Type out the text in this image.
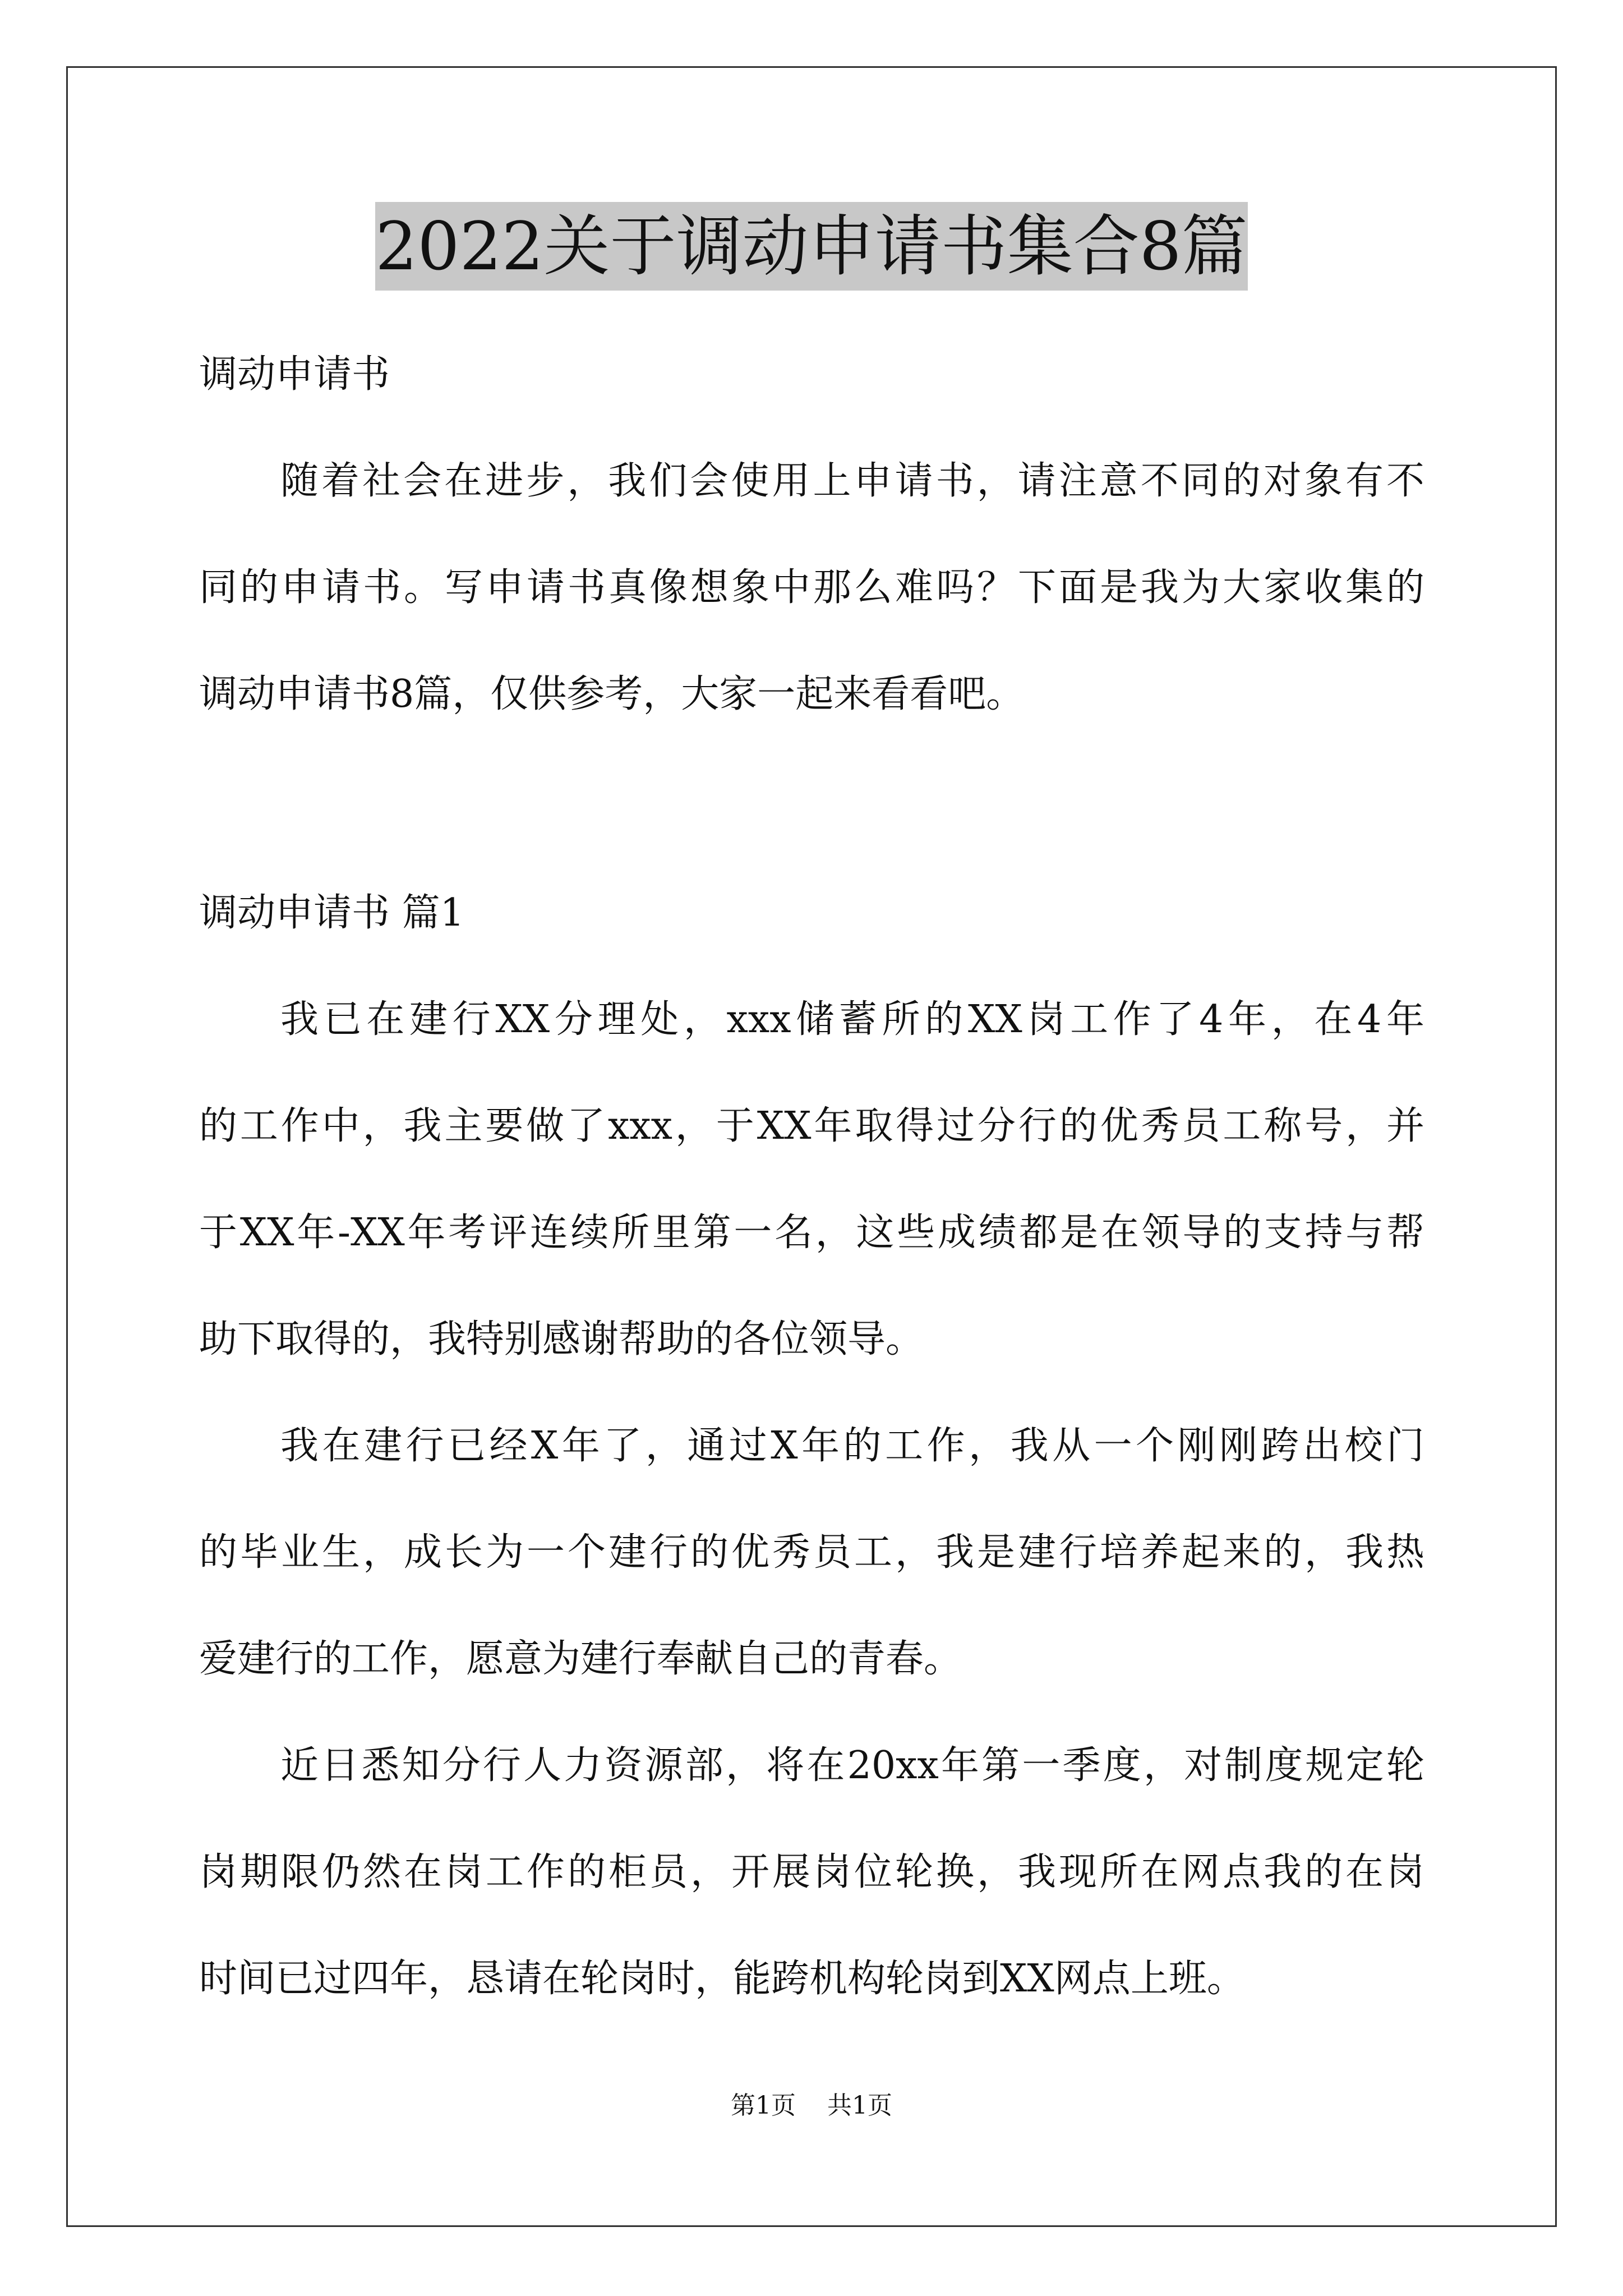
2022关于调动申请书集合8篇
调动申请书
随着社会在进步，我们会使用上申请书，请注意不同的对象有不
同的申请书。写申请书真像想象中那么难吗？下面是我为大家收集的
调动申请书8篇，仅供参考，大家一起来看看吧。
调动申请书 篇1
我已在建行XX分理处，xxx储蓄所的XX岗工作了4年，在4年
的工作中，我主要做了xxx，于XX年取得过分行的优秀员工称号，并
于XX年-XX年考评连续所里第一名，这些成绩都是在领导的支持与帮
助下取得的，我特别感谢帮助的各位领导。
我在建行已经X年了，通过X年的工作，我从一个刚刚跨出校门
的毕业生，成长为一个建行的优秀员工，我是建行培养起来的，我热
爱建行的工作，愿意为建行奉献自己的青春。
近日悉知分行人力资源部，将在20xx年第一季度，对制度规定轮
岗期限仍然在岗工作的柜员，开展岗位轮换，我现所在网点我的在岗
时间已过四年，恳请在轮岗时，能跨机构轮岗到XX网点上班。
第1页 共1页
